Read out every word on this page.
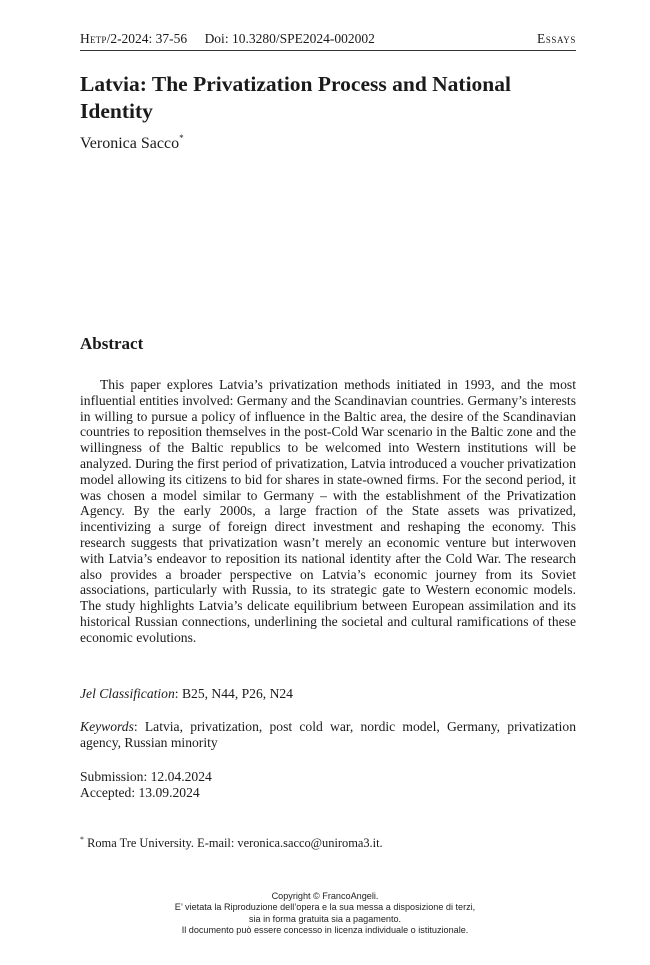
Hetp/2-2024: 37-56 Doi: 10.3280/SPE2024-002002	Essays
Latvia: The Privatization Process and National Identity
Veronica Sacco*
Abstract

This paper explores Latvia’s privatization methods initiated in 1993, and the most influential entities involved: Germany and the Scandinavian countries. Germany’s interests in willing to pursue a policy of influence in the Baltic area, the desire of the Scandinavian countries to reposition themselves in the post-Cold War scenario in the Baltic zone and the willingness of the Baltic republics to be welcomed into Western institutions will be analyzed. During the first period of privatization, Latvia introduced a voucher privatization model allowing its citizens to bid for shares in state-owned firms. For the second period, it was chosen a model similar to Germany – with the establishment of the Privatization Agency. By the early 2000s, a large fraction of the State assets was privatized, incentivizing a surge of foreign direct investment and reshaping the economy. This research suggests that privatization wasn’t merely an economic venture but interwoven with Latvia’s endeavor to reposition its national identity after the Cold War. The research also provides a broader perspective on Latvia’s economic journey from its Soviet associations, particularly with Russia, to its strategic gate to Western economic models. The study highlights Latvia’s delicate equilibrium between European assimilation and its historical Russian connections, underlining the societal and cultural ramifications of these economic evolutions.

Jel Classification: B25, N44, P26, N24
Keywords: Latvia, privatization, post cold war, nordic model, Germany, privatization agency, Russian minority
Submission: 12.04.2024
Accepted: 13.09.2024
* Roma Tre University. E-mail: veronica.sacco@uniroma3.it.
Copyright © FrancoAngeli.
E’ vietata la Riproduzione dell’opera e la sua messa a disposizione di terzi,
sia in forma gratuita sia a pagamento.
Il documento può essere concesso in licenza individuale o istituzionale.
